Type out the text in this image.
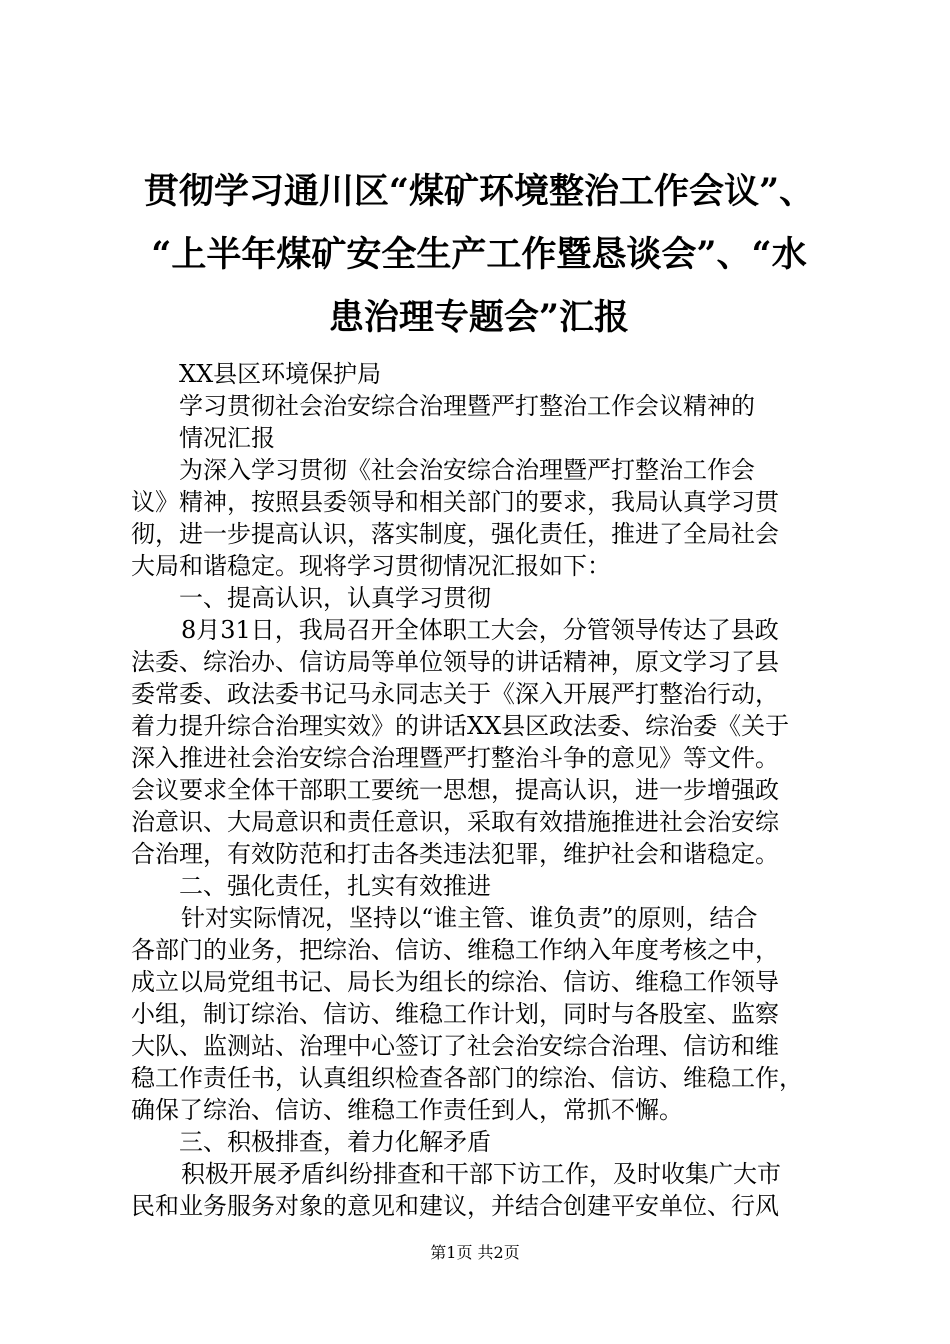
贯彻学习通川区“煤矿环境整治工作会议”、
“上半年煤矿安全生产工作暨恳谈会”、“水
患治理专题会”汇报
XX县区环境保护局
学习贯彻社会治安综合治理暨严打整治工作会议精神的
情况汇报
为深入学习贯彻《社会治安综合治理暨严打整治工作会
议》精神，按照县委领导和相关部门的要求，我局认真学习贯
彻，进一步提高认识，落实制度，强化责任，推进了全局社会
大局和谐稳定。现将学习贯彻情况汇报如下：
一、提高认识，认真学习贯彻
8月31日，我局召开全体职工大会，分管领导传达了县政
法委、综治办、信访局等单位领导的讲话精神，原文学习了县
委常委、政法委书记马永同志关于《深入开展严打整治行动，
着力提升综合治理实效》的讲话XX县区政法委、综治委《关于
深入推进社会治安综合治理暨严打整治斗争的意见》等文件。
会议要求全体干部职工要统一思想，提高认识，进一步增强政
治意识、大局意识和责任意识，采取有效措施推进社会治安综
合治理，有效防范和打击各类违法犯罪，维护社会和谐稳定。
二、强化责任，扎实有效推进
针对实际情况，坚持以“谁主管、谁负责”的原则，结合
各部门的业务，把综治、信访、维稳工作纳入年度考核之中，
成立以局党组书记、局长为组长的综治、信访、维稳工作领导
小组，制订综治、信访、维稳工作计划，同时与各股室、监察
大队、监测站、治理中心签订了社会治安综合治理、信访和维
稳工作责任书，认真组织检查各部门的综治、信访、维稳工作，
确保了综治、信访、维稳工作责任到人，常抓不懈。
三、积极排查，着力化解矛盾
积极开展矛盾纠纷排查和干部下访工作，及时收集广大市
民和业务服务对象的意见和建议，并结合创建平安单位、行风
第1页 共2页
